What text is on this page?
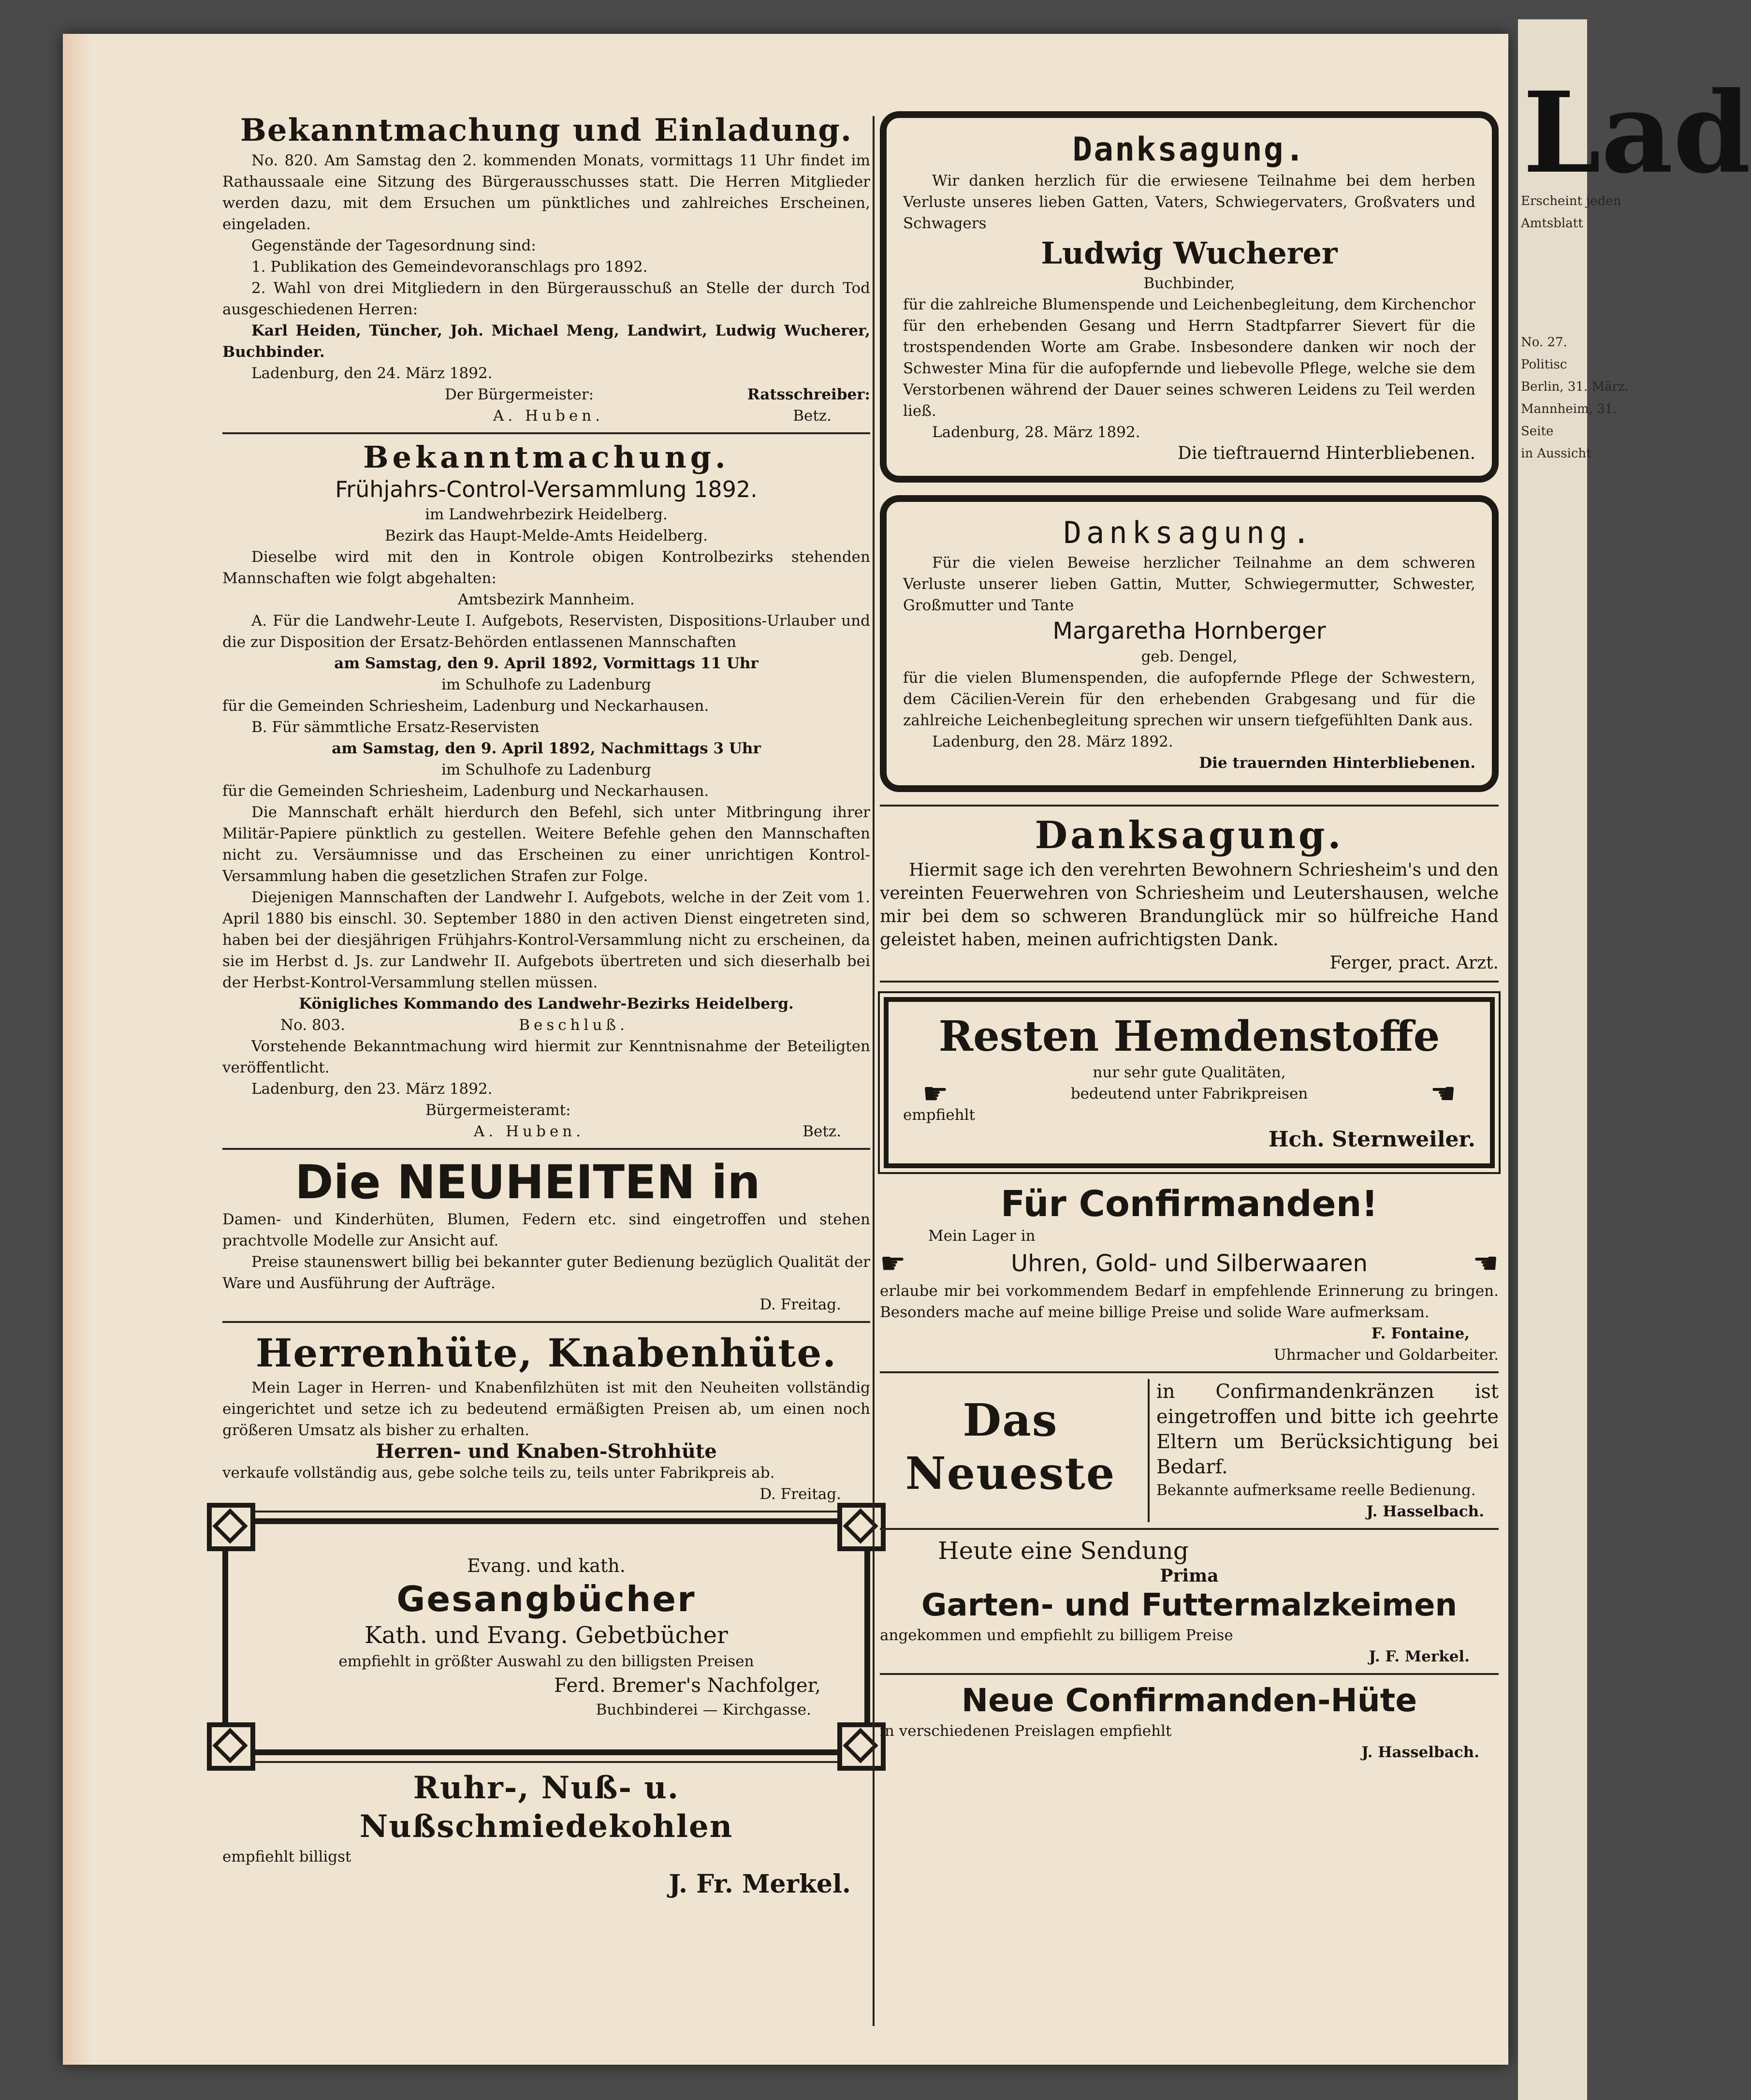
Bekanntmachung und Einladung.

No. 820. Am Samstag den 2. kommenden Monats, vormittags 11 Uhr findet im Rathaussaale eine Sitzung des Bürgerausschusses statt. Die Herren Mitglieder werden dazu, mit dem Ersuchen um pünktliches und zahlreiches Erscheinen, eingeladen.

Gegenstände der Tagesordnung sind:

1. Publikation des Gemeindevoranschlags pro 1892.

2. Wahl von drei Mitgliedern in den Bürgerausschuß an Stelle der durch Tod ausgeschiedenen Herren:

Karl Heiden, Tüncher, Joh. Michael Meng, Landwirt, Ludwig Wucherer, Buchbinder.

Ladenburg, den 24. März 1892.

Der Bürgermeister:	Ratsschreiber:
A. Huben.	Betz.
Bekanntmachung.
Frühjahrs-Control-Versammlung 1892.

im Landwehrbezirk Heidelberg.

Bezirk das Haupt-Melde-Amts Heidelberg.

Dieselbe wird mit den in Kontrole obigen Kontrolbezirks stehenden Mannschaften wie folgt abgehalten:

Amtsbezirk Mannheim.

A. Für die Landwehr-Leute I. Aufgebots, Reservisten, Dispositions-Urlauber und die zur Disposition der Ersatz-Behörden entlassenen Mannschaften

am Samstag, den 9. April 1892, Vormittags 11 Uhr

im Schulhofe zu Ladenburg

für die Gemeinden Schriesheim, Ladenburg und Neckarhausen.

B. Für sämmtliche Ersatz-Reservisten

am Samstag, den 9. April 1892, Nachmittags 3 Uhr

im Schulhofe zu Ladenburg

für die Gemeinden Schriesheim, Ladenburg und Neckarhausen.

Die Mannschaft erhält hierdurch den Befehl, sich unter Mitbringung ihrer Militär-Papiere pünktlich zu gestellen. Weitere Befehle gehen den Mannschaften nicht zu. Versäumnisse und das Erscheinen zu einer unrichtigen Kontrol-Versammlung haben die gesetzlichen Strafen zur Folge.

Diejenigen Mannschaften der Landwehr I. Aufgebots, welche in der Zeit vom 1. April 1880 bis einschl. 30. September 1880 in den activen Dienst eingetreten sind, haben bei der diesjährigen Frühjahrs-Kontrol-Versammlung nicht zu erscheinen, da sie im Herbst d. Js. zur Landwehr II. Aufgebots übertreten und sich dieserhalb bei der Herbst-Kontrol-Versammlung stellen müssen.

Königliches Kommando des Landwehr-Bezirks Heidelberg.

No. 803.	Beschluß.

Vorstehende Bekanntmachung wird hiermit zur Kenntnisnahme der Beteiligten veröffentlicht.

Ladenburg, den 23. März 1892.

Bürgermeisteramt:

A. Huben.	Betz.
Die NEUHEITEN in

Damen- und Kinderhüten, Blumen, Federn etc. sind eingetroffen und stehen prachtvolle Modelle zur Ansicht auf.

Preise staunenswert billig bei bekannter guter Bedienung bezüglich Qualität der Ware und Ausführung der Aufträge.

D. Freitag.

Herrenhüte, Knabenhüte.

Mein Lager in Herren- und Knabenfilzhüten ist mit den Neuheiten vollständig eingerichtet und setze ich zu bedeutend ermäßigten Preisen ab, um einen noch größeren Umsatz als bisher zu erhalten.

Herren- und Knaben-Strohhüte

verkaufe vollständig aus, gebe solche teils zu, teils unter Fabrikpreis ab.

D. Freitag.

Evang. und kath.
Gesangbücher
Kath. und Evang. Gebetbücher
empfiehlt in größter Auswahl zu den billigsten Preisen
Ferd. Bremer's Nachfolger,
Buchbinderei — Kirchgasse.
Ruhr-, Nuß- u. Nußschmiedekohlen
empfiehlt billigst
J. Fr. Merkel.
Danksagung.

Wir danken herzlich für die erwiesene Teilnahme bei dem herben Verluste unseres lieben Gatten, Vaters, Schwiegervaters, Großvaters und Schwagers

Ludwig Wucherer

Buchbinder,

für die zahlreiche Blumenspende und Leichenbegleitung, dem Kirchenchor für den erhebenden Gesang und Herrn Stadtpfarrer Sievert für die trostspendenden Worte am Grabe. Insbesondere danken wir noch der Schwester Mina für die aufopfernde und liebevolle Pflege, welche sie dem Verstorbenen während der Dauer seines schweren Leidens zu Teil werden ließ.

Ladenburg, 28. März 1892.

Die tieftrauernd Hinterbliebenen.

Danksagung.

Für die vielen Beweise herzlicher Teilnahme an dem schweren Verluste unserer lieben Gattin, Mutter, Schwiegermutter, Schwester, Großmutter und Tante

Margaretha Hornberger

geb. Dengel,

für die vielen Blumenspenden, die aufopfernde Pflege der Schwestern, dem Cäcilien-Verein für den erhebenden Grabgesang und für die zahlreiche Leichenbegleitung sprechen wir unsern tiefgefühlten Dank aus.

Ladenburg, den 28. März 1892.

Die trauernden Hinterbliebenen.

Danksagung.

Hiermit sage ich den verehrten Bewohnern Schriesheim's und den vereinten Feuerwehren von Schriesheim und Leutershausen, welche mir bei dem so schweren Brandunglück mir so hülfreiche Hand geleistet haben, meinen aufrichtigsten Dank.

Ferger, pract. Arzt.

Resten Hemdenstoffe
nur sehr gute Qualitäten,
☛	bedeutend unter Fabrikpreisen	☚
empfiehlt
Hch. Sternweiler.
Für Confirmanden!
Mein Lager in
☛	Uhren, Gold- und Silberwaaren	☚

erlaube mir bei vorkommendem Bedarf in empfehlende Erinnerung zu bringen. Besonders mache auf meine billige Preise und solide Ware aufmerksam.

F. Fontaine,

Uhrmacher und Goldarbeiter.

Das Neueste

in Confirmandenkränzen ist eingetroffen und bitte ich geehrte Eltern um Berücksichtigung bei Bedarf.

Bekannte aufmerksame reelle Bedienung.

J. Hasselbach.

Heute eine Sendung
Prima
Garten- und Futtermalzkeimen
angekommen und empfiehlt zu billigem Preise
J. F. Merkel.
Neue Confirmanden-Hüte
in verschiedenen Preislagen empfiehlt
J. Hasselbach.
Lad
Erscheint jeden
Amtsblatt
No. 27.
Politisc
Berlin, 31. März.
Mannheim, 31.
Seite
in Aussicht
